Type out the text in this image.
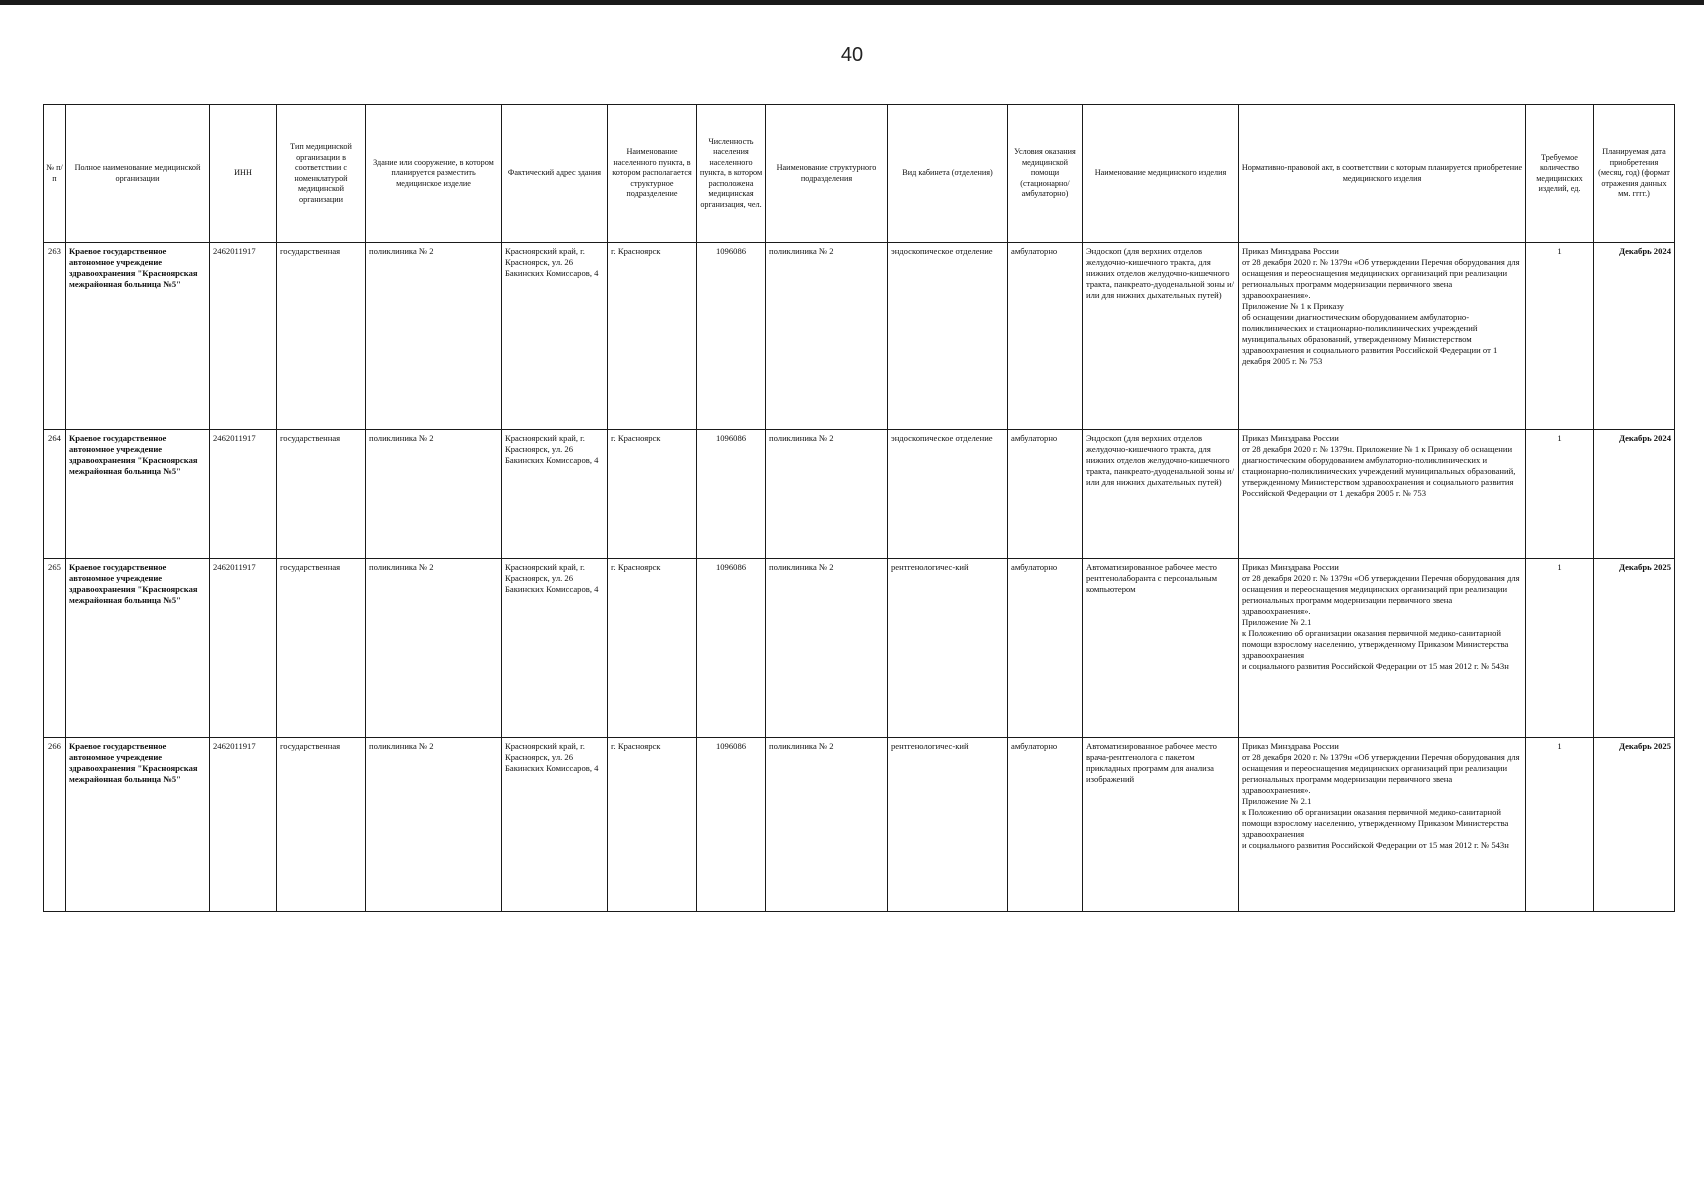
40
№ п/п	Полное наименование медицинской организации	ИНН	Тип медицинской организации в соответствии с номенклатурой медицинской организации	Здание или сооружение, в котором планируется разместить медицинское изделие	Фактический адрес здания	Наименование населенного пункта, в котором располагается структурное подразделение	Численность населения населенного пункта, в котором расположена медицинская организация, чел.	Наименование структурного подразделения	Вид кабинета (отделения)	Условия оказания медицинской помощи (стационарно/ амбулаторно)	Наименование медицинского изделия	Нормативно-правовой акт, в соответствии с которым планируется приобретение медицинского изделия	Требуемое количество медицинских изделий, ед.	Планируемая дата приобретения (месяц, год) (формат отражения данных мм. гггг.)
263	Краевое государственное автономное учреждение здравоохранения "Красноярская межрайонная больница №5"	2462011917	государственная	поликлиника № 2	Красноярский край, г. Красноярск, ул. 26 Бакинских Комиссаров, 4	г. Красноярск	1096086	поликлиника № 2	эндоскопическое отделение	амбулаторно	Эндоскоп (для верхних отделов желудочно-кишечного тракта, для нижних отделов желудочно-кишечного тракта, панкреато-дуоденальной зоны и/или для нижних дыхательных путей)	Приказ Минздрава России
от 28 декабря 2020 г. № 1379н «Об утверждении Перечня оборудования для оснащения и переоснащения медицинских организаций при реализации региональных программ модернизации первичного звена здравоохранения».
Приложение № 1 к Приказу
об оснащении диагностическим оборудованием амбулаторно-поликлинических и стационарно-поликлинических учреждений муниципальных образований, утвержденному Министерством здравоохранения и социального развития Российской Федерации от 1 декабря 2005 г. № 753	1	Декабрь 2024
264	Краевое государственное автономное учреждение здравоохранения "Красноярская межрайонная больница №5"	2462011917	государственная	поликлиника № 2	Красноярский край, г. Красноярск, ул. 26 Бакинских Комиссаров, 4	г. Красноярск	1096086	поликлиника № 2	эндоскопическое отделение	амбулаторно	Эндоскоп (для верхних отделов желудочно-кишечного тракта, для нижних отделов желудочно-кишечного тракта, панкреато-дуоденальной зоны и/или для нижних дыхательных путей)	Приказ Минздрава России
от 28 декабря 2020 г. № 1379н. Приложение № 1 к Приказу об оснащении диагностическим оборудованием амбулаторно-поликлинических и стационарно-поликлинических учреждений муниципальных образований, утвержденному Министерством здравоохранения и социального развития Российской Федерации от 1 декабря 2005 г. № 753	1	Декабрь 2024
265	Краевое государственное автономное учреждение здравоохранения "Красноярская межрайонная больница №5"	2462011917	государственная	поликлиника № 2	Красноярский край, г. Красноярск, ул. 26 Бакинских Комиссаров, 4	г. Красноярск	1096086	поликлиника № 2	рентгенологичес-кий	амбулаторно	Автоматизированное рабочее место рентгенолаборанта с персональным компьютером	Приказ Минздрава России
от 28 декабря 2020 г. № 1379н «Об утверждении Перечня оборудования для оснащения и переоснащения медицинских организаций при реализации региональных программ модернизации первичного звена здравоохранения».
Приложение № 2.1
к Положению об организации оказания первичной медико-санитарной помощи взрослому населению, утвержденному Приказом Министерства здравоохранения
и социального развития Российской Федерации от 15 мая 2012 г. № 543н	1	Декабрь 2025
266	Краевое государственное автономное учреждение здравоохранения "Красноярская межрайонная больница №5"	2462011917	государственная	поликлиника № 2	Красноярский край, г. Красноярск, ул. 26 Бакинских Комиссаров, 4	г. Красноярск	1096086	поликлиника № 2	рентгенологичес-кий	амбулаторно	Автоматизированное рабочее место врача-рентгенолога с пакетом прикладных программ для анализа изображений	Приказ Минздрава России
от 28 декабря 2020 г. № 1379н «Об утверждении Перечня оборудования для оснащения и переоснащения медицинских организаций при реализации региональных программ модернизации первичного звена здравоохранения».
Приложение № 2.1
к Положению об организации оказания первичной медико-санитарной помощи взрослому населению, утвержденному Приказом Министерства здравоохранения
и социального развития Российской Федерации от 15 мая 2012 г. № 543н	1	Декабрь 2025
